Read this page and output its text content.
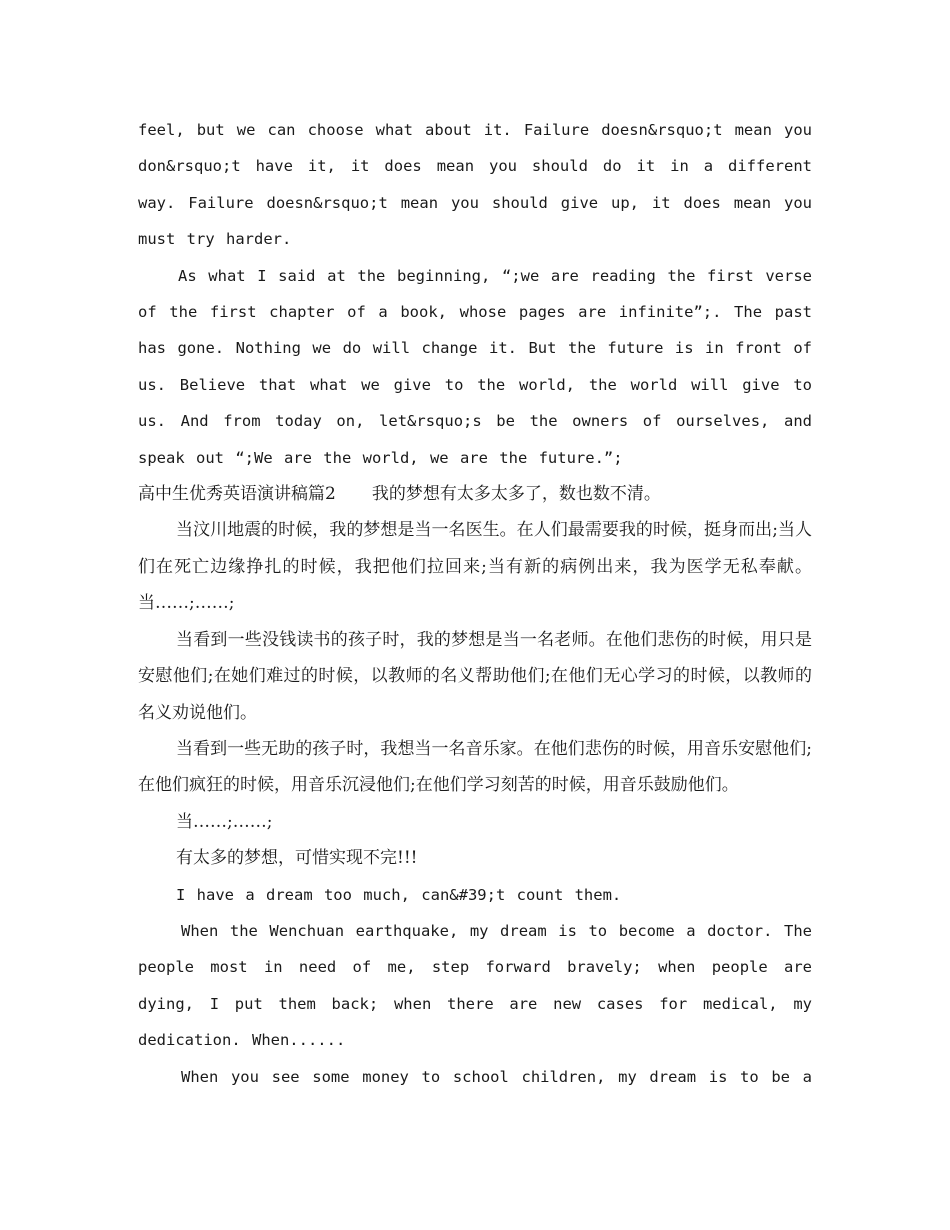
feel, but we can choose what about it. Failure doesn&rsquo;t mean you don&rsquo;t have it, it does mean you should do it in a different way. Failure doesn&rsquo;t mean you should give up, it does mean you must try harder.

As what I said at the beginning, “;we are reading the first verse of the first chapter of a book, whose pages are infinite”;. The past has gone. Nothing we do will change it. But the future is in front of us. Believe that what we give to the world, the world will give to us. And from today on, let&rsquo;s be the owners of ourselves, and speak out “;We are the world, we are the future.”;

高中生优秀英语演讲稿篇2 我的梦想有太多太多了，数也数不清。

当汶川地震的时候，我的梦想是当一名医生。在人们最需要我的时候，挺身而出;当人们在死亡边缘挣扎的时候，我把他们拉回来;当有新的病例出来，我为医学无私奉献。当……;……;

当看到一些没钱读书的孩子时，我的梦想是当一名老师。在他们悲伤的时候，用只是安慰他们;在她们难过的时候，以教师的名义帮助他们;在他们无心学习的时候，以教师的名义劝说他们。

当看到一些无助的孩子时，我想当一名音乐家。在他们悲伤的时候，用音乐安慰他们;在他们疯狂的时候，用音乐沉浸他们;在他们学习刻苦的时候，用音乐鼓励他们。

当……;……;

有太多的梦想，可惜实现不完!!!

I have a dream too much, can&#39;t count them.

When the Wenchuan earthquake, my dream is to become a doctor. The people most in need of me, step forward bravely; when people are dying, I put them back; when there are new cases for medical, my dedication. When......

When you see some money to school children, my dream is to be a
